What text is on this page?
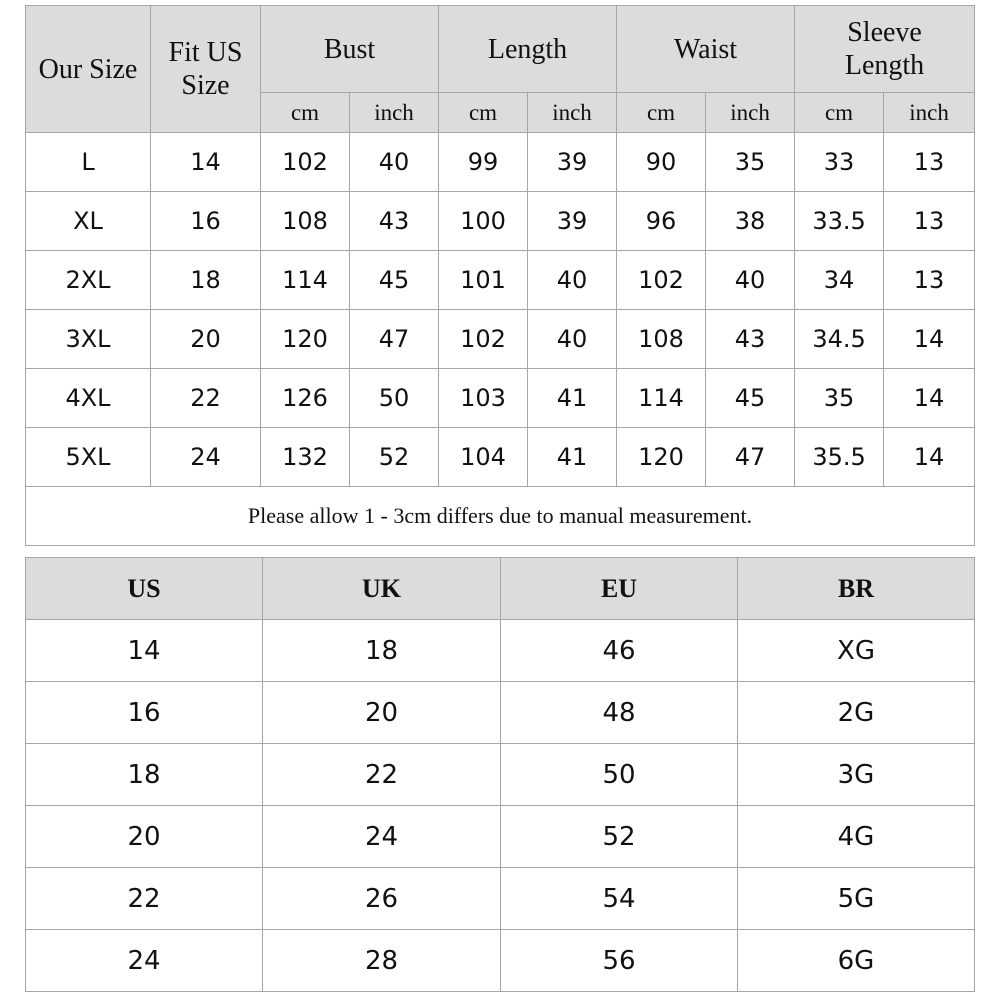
Our Size	Fit US Size	Bust		Length		Waist		Sleeve Length	
		cm	inch	cm	inch	cm	inch	cm	inch
L	14	102	40	99	39	90	35	33	13
XL	16	108	43	100	39	96	38	33.5	13
2XL	18	114	45	101	40	102	40	34	13
3XL	20	120	47	102	40	108	43	34.5	14
4XL	22	126	50	103	41	114	45	35	14
5XL	24	132	52	104	41	120	47	35.5	14
Please allow 1 - 3cm differs due to manual measurement.									
US	UK	EU	BR
14	18	46	XG
16	20	48	2G
18	22	50	3G
20	24	52	4G
22	26	54	5G
24	28	56	6G
